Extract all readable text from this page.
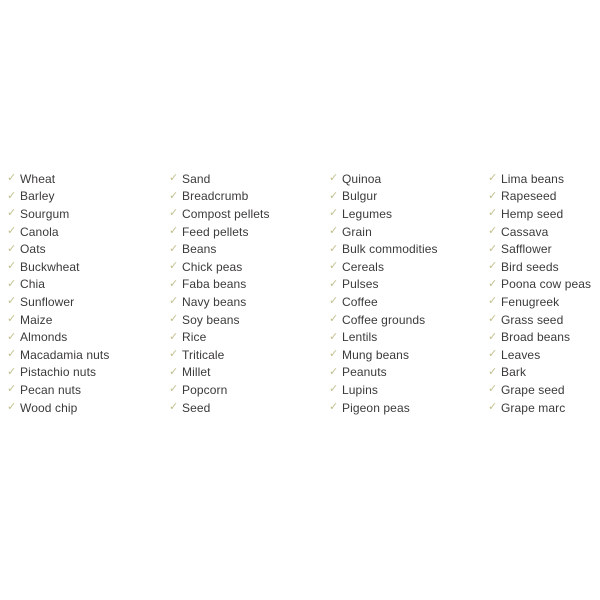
✓ Wheat
✓ Barley
✓ Sourgum
✓ Canola
✓ Oats
✓ Buckwheat
✓ Chia
✓ Sunflower
✓ Maize
✓ Almonds
✓ Macadamia nuts
✓ Pistachio nuts
✓ Pecan nuts
✓ Wood chip
✓ Sand
✓ Breadcrumb
✓ Compost pellets
✓ Feed pellets
✓ Beans
✓ Chick peas
✓ Faba beans
✓ Navy beans
✓ Soy beans
✓ Rice
✓ Triticale
✓ Millet
✓ Popcorn
✓ Seed
✓ Quinoa
✓ Bulgur
✓ Legumes
✓ Grain
✓ Bulk commodities
✓ Cereals
✓ Pulses
✓ Coffee
✓ Coffee grounds
✓ Lentils
✓ Mung beans
✓ Peanuts
✓ Lupins
✓ Pigeon peas
✓ Lima beans
✓ Rapeseed
✓ Hemp seed
✓ Cassava
✓ Safflower
✓ Bird seeds
✓ Poona cow peas
✓ Fenugreek
✓ Grass seed
✓ Broad beans
✓ Leaves
✓ Bark
✓ Grape seed
✓ Grape marc
